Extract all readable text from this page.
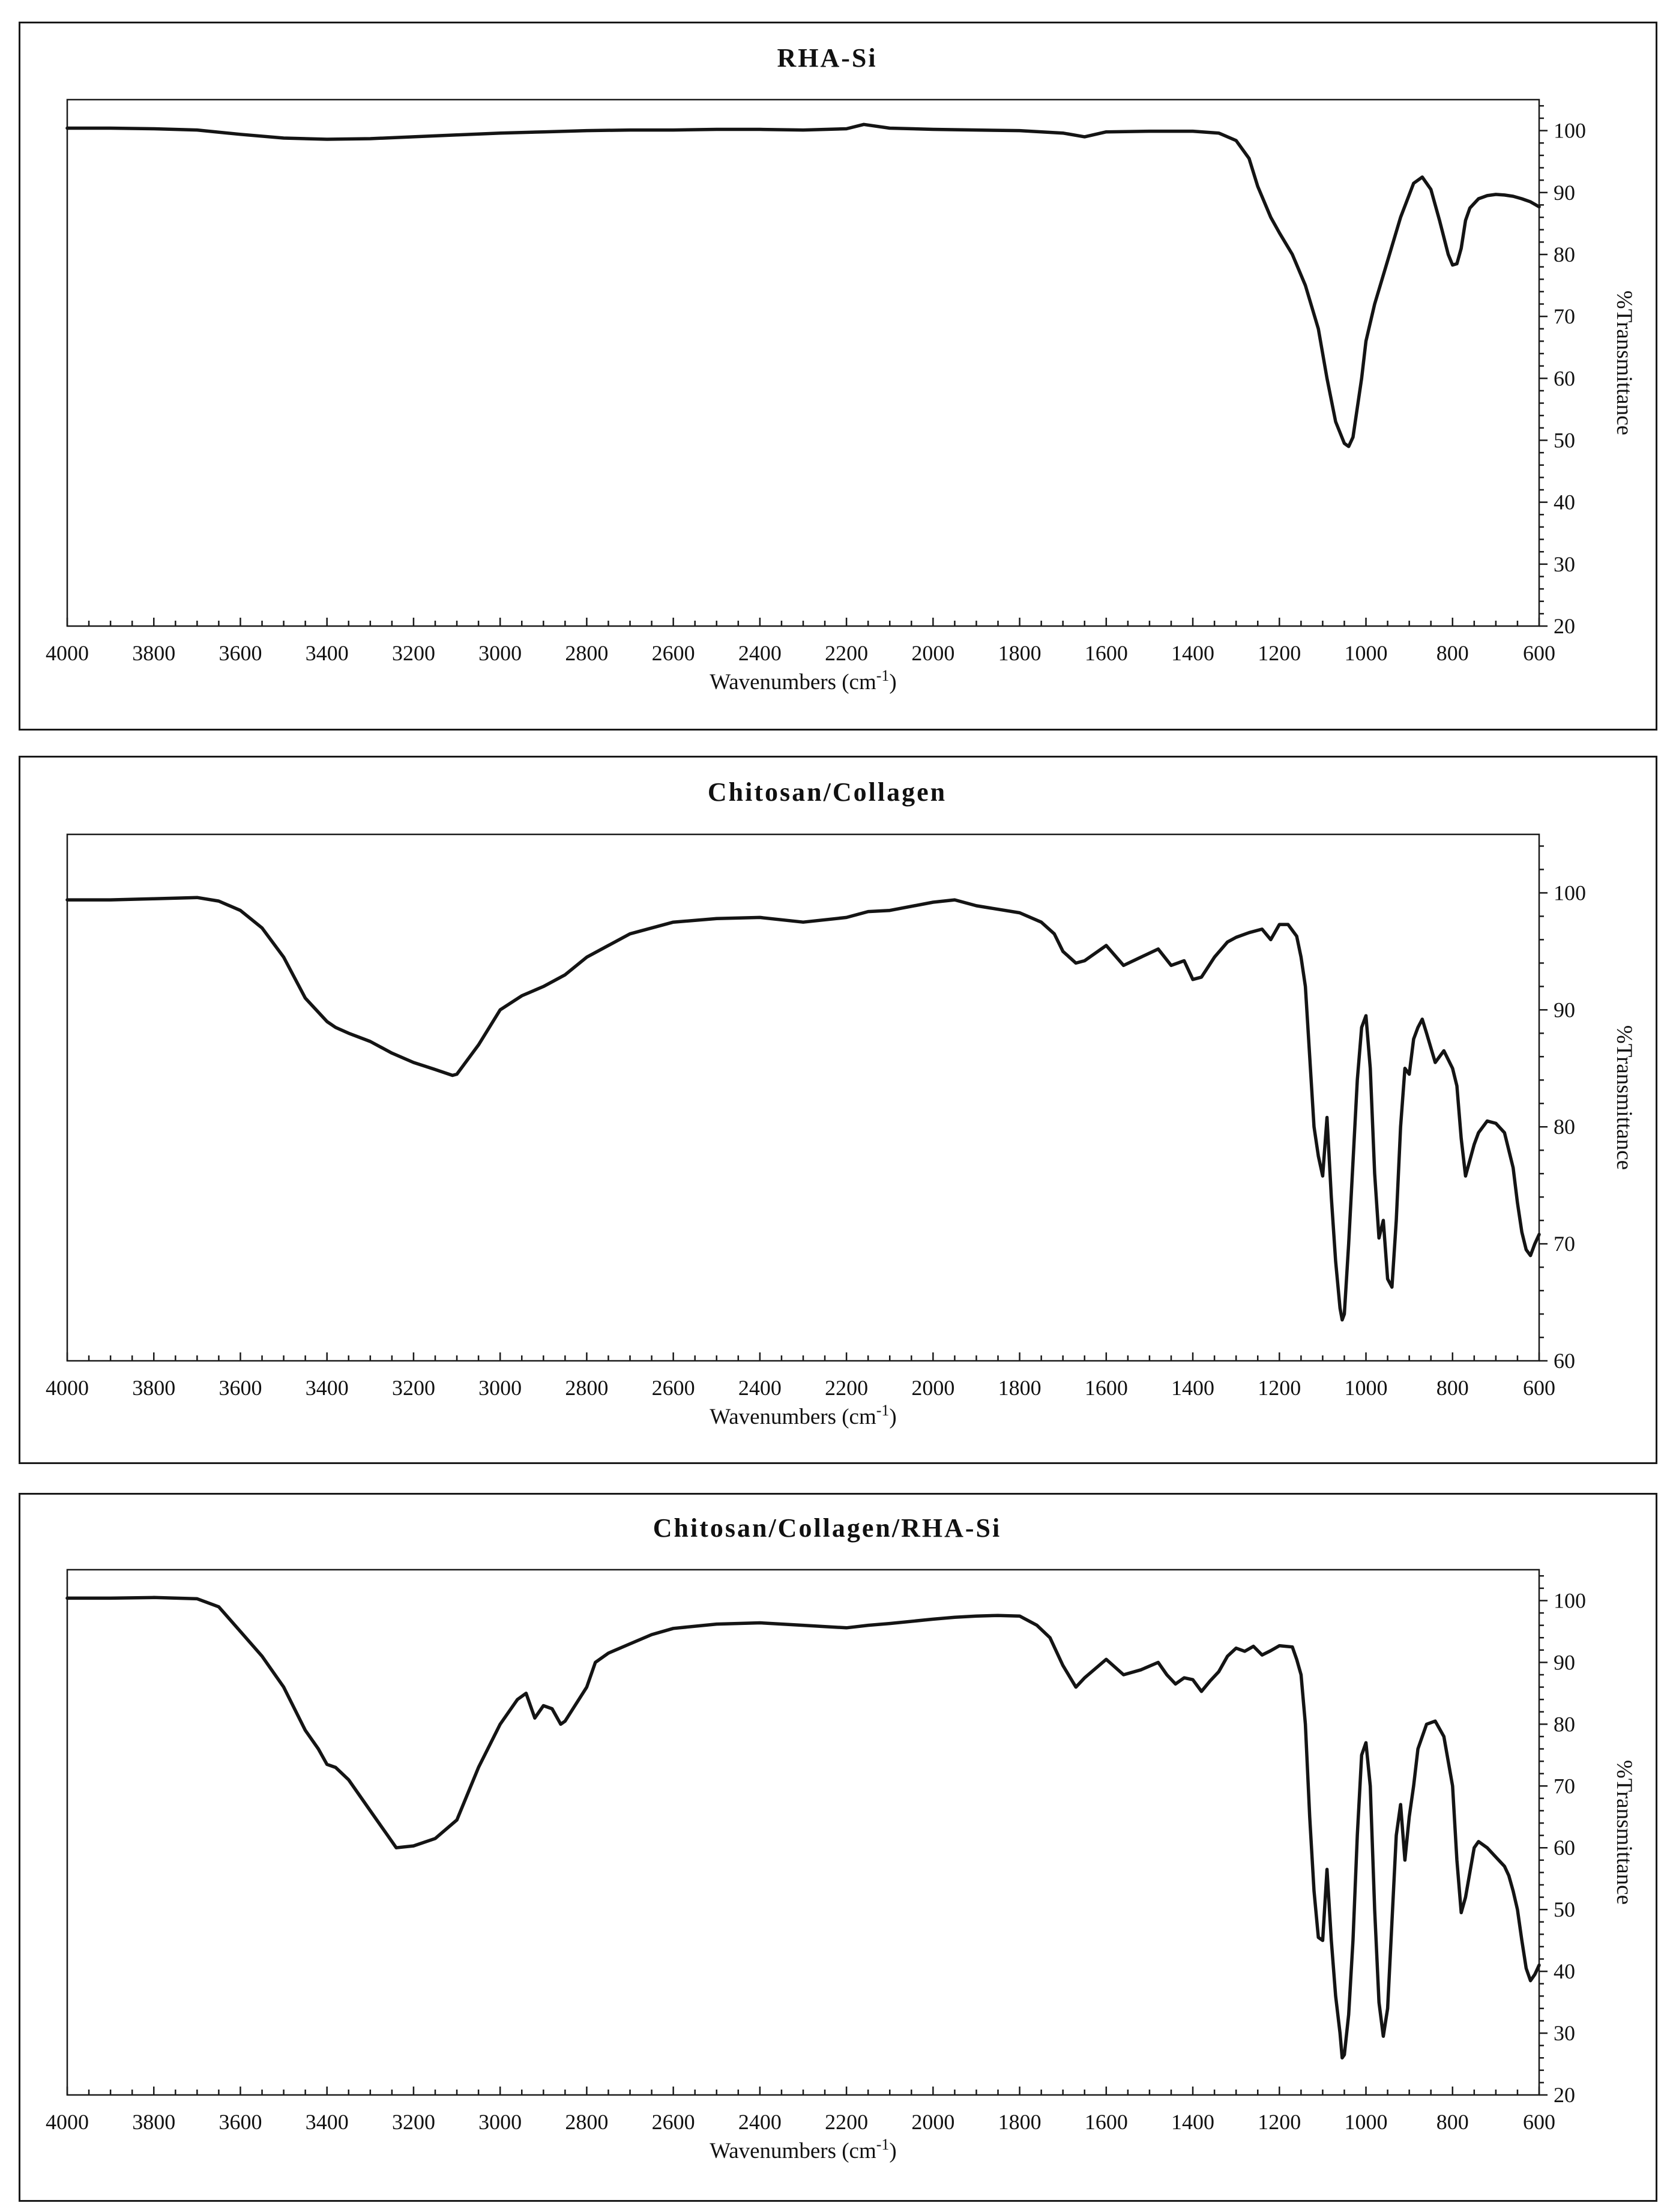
RHA-Si
4000 3800 3600 3400 3200 3000 2800 2600 2400 2200 2000 1800 1600 1400 1200 1000 800	600
20
30
40
50
60
70
80
90
100
Wavenumbers $(cm^{-1})$
%Transmittance
Chitosan/Collagen
4000 3800 3600 3400 3200 3000 2800 2600 2400 2200 2000 1800 1600 1400 1200 1000 800	600
60
70
80
90
100
Wavenumbers $(cm^{-1})$
%Transmittance
Chitosan/Collagen/RHA-Si
4000 3800 3600 3400 3200 3000 2800 2600 2400 2200 2000 1800 1600 1400 1200 1000 800	600
20
30
40
50
60
70
80
90
100
Wavenumbers $(cm^{-1})$
%Transmittance
